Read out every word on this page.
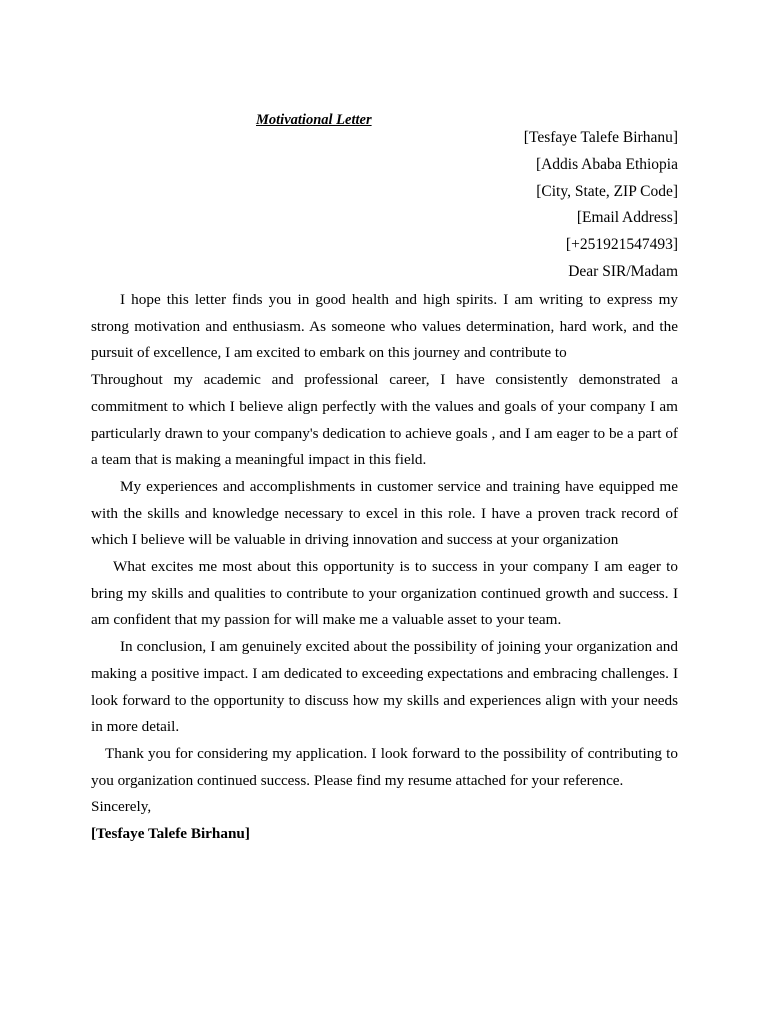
Motivational Letter
[Tesfaye Talefe Birhanu]
[Addis Ababa Ethiopia
[City, State, ZIP Code]
[Email Address]
[+251921547493]
Dear SIR/Madam

I hope this letter finds you in good health and high spirits. I am writing to express my strong motivation and enthusiasm. As someone who values determination, hard work, and the pursuit of excellence, I am excited to embark on this journey and contribute to

Throughout my academic and professional career, I have consistently demonstrated a commitment to which I believe align perfectly with the values and goals of your company I am particularly drawn to your company's dedication to achieve goals , and I am eager to be a part of a team that is making a meaningful impact in this field.

My experiences and accomplishments in customer service and training have equipped me with the skills and knowledge necessary to excel in this role. I have a proven track record of which I believe will be valuable in driving innovation and success at your organization

What excites me most about this opportunity is to success in your company I am eager to bring my skills and qualities to contribute to your organization continued growth and success. I am confident that my passion for will make me a valuable asset to your team.

In conclusion, I am genuinely excited about the possibility of joining your organization and making a positive impact. I am dedicated to exceeding expectations and embracing challenges. I look forward to the opportunity to discuss how my skills and experiences align with your needs in more detail.

Thank you for considering my application. I look forward to the possibility of contributing to you organization continued success. Please find my resume attached for your reference.

Sincerely,

[Tesfaye Talefe Birhanu]
